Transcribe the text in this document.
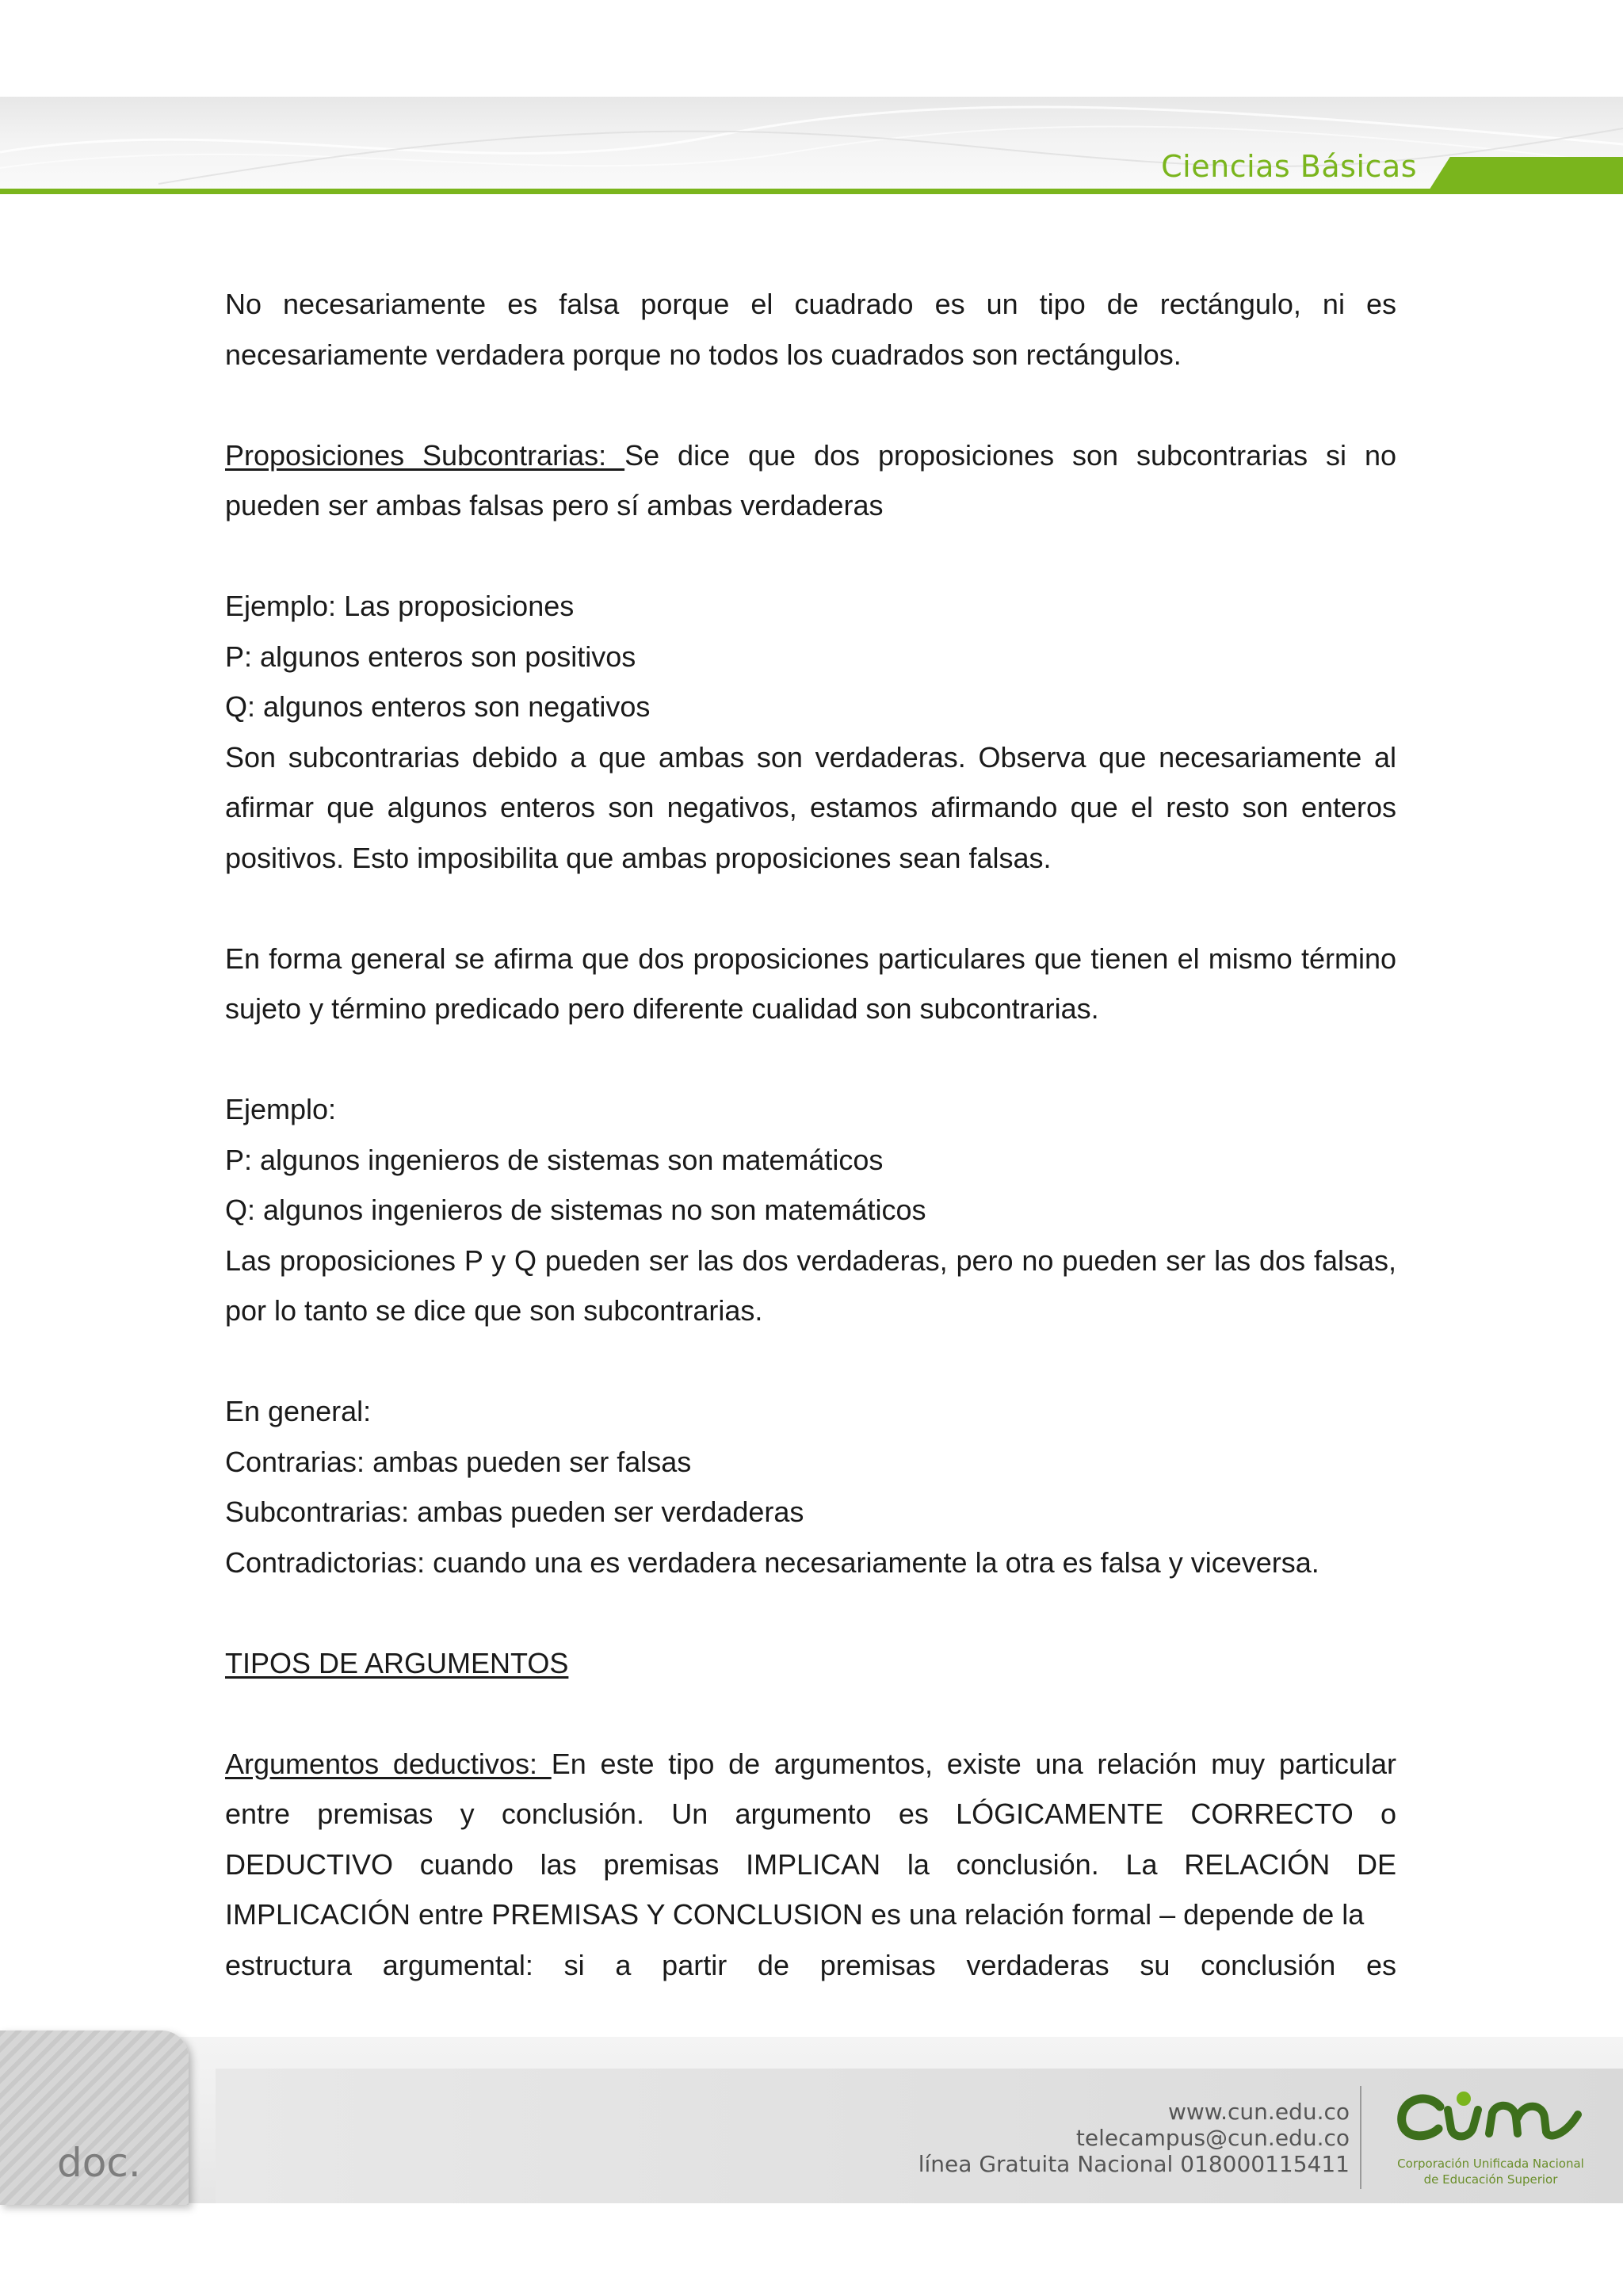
Ciencias Básicas

No necesariamente es falsa porque el cuadrado es un tipo de rectángulo, ni es necesariamente verdadera porque no todos los cuadrados son rectángulos.

Proposiciones Subcontrarias: Se dice que dos proposiciones son subcontrarias si no pueden ser ambas falsas pero sí ambas verdaderas

Ejemplo: Las proposiciones

P: algunos enteros son positivos

Q: algunos enteros son negativos

Son subcontrarias debido a que ambas son verdaderas. Observa que necesariamente al afirmar que algunos enteros son negativos, estamos afirmando que el resto son enteros positivos. Esto imposibilita que ambas proposiciones sean falsas.

En forma general se afirma que dos proposiciones particulares que tienen el mismo término sujeto y término predicado pero diferente cualidad son subcontrarias.

Ejemplo:

P: algunos ingenieros de sistemas son matemáticos

Q: algunos ingenieros de sistemas no son matemáticos

Las proposiciones P y Q pueden ser las dos verdaderas, pero no pueden ser las dos falsas, por lo tanto se dice que son subcontrarias.

En general:

Contrarias: ambas pueden ser falsas

Subcontrarias: ambas pueden ser verdaderas

Contradictorias: cuando una es verdadera necesariamente la otra es falsa y viceversa.

TIPOS DE ARGUMENTOS

Argumentos deductivos: En este tipo de argumentos, existe una relación muy particular entre premisas y conclusión. Un argumento es LÓGICAMENTE CORRECTO o DEDUCTIVO cuando las premisas IMPLICAN la conclusión. La RELACIÓN DE IMPLICACIÓN entre PREMISAS Y CONCLUSION es una relación formal – depende de la

estructura argumental: si a partir de premisas verdaderas su conclusión es

doc.
www.cun.edu.co
telecampus@cun.edu.co
línea Gratuita Nacional 018000115411	Corporación Unificada Nacional
de Educación Superior
